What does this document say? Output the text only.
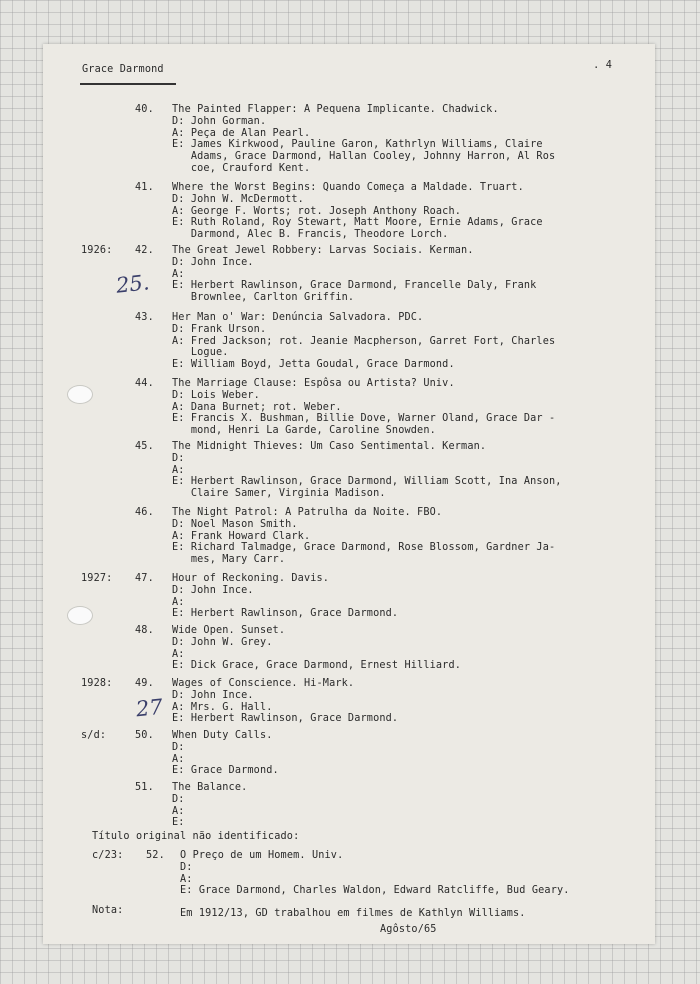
Grace Darmond	. 4

40. The Painted Flapper: A Pequena Implicante. Chadwick.

D: John Gorman.

A: Peça de Alan Pearl.

E: James Kirkwood, Pauline Garon, Kathrlyn Williams, Claire

Adams, Grace Darmond, Hallan Cooley, Johnny Harron, Al Ros

coe, Crauford Kent.

41. Where the Worst Begins: Quando Começa a Maldade. Truart.

D: John W. McDermott.

A: George F. Worts; rot. Joseph Anthony Roach.

E: Ruth Roland, Roy Stewart, Matt Moore, Ernie Adams, Grace

Darmond, Alec B. Francis, Theodore Lorch.

1926: 42. The Great Jewel Robbery: Larvas Sociais. Kerman.

D: John Ince.

A:

E: Herbert Rawlinson, Grace Darmond, Francelle Daly, Frank

Brownlee, Carlton Griffin.

43. Her Man o' War: Denúncia Salvadora. PDC.

D: Frank Urson.

A: Fred Jackson; rot. Jeanie Macpherson, Garret Fort, Charles

Logue.

E: William Boyd, Jetta Goudal, Grace Darmond.

44. The Marriage Clause: Espôsa ou Artista? Univ.

D: Lois Weber.

A: Dana Burnet; rot. Weber.

E: Francis X. Bushman, Billie Dove, Warner Oland, Grace Dar -

mond, Henri La Garde, Caroline Snowden.

45. The Midnight Thieves: Um Caso Sentimental. Kerman.

D:

A:

E: Herbert Rawlinson, Grace Darmond, William Scott, Ina Anson,

Claire Samer, Virginia Madison.

46. The Night Patrol: A Patrulha da Noite. FBO.

D: Noel Mason Smith.

A: Frank Howard Clark.

E: Richard Talmadge, Grace Darmond, Rose Blossom, Gardner Ja-

mes, Mary Carr.

1927: 47. Hour of Reckoning. Davis.

D: John Ince.

A:

E: Herbert Rawlinson, Grace Darmond.

48. Wide Open. Sunset.

D: John W. Grey.

A:

E: Dick Grace, Grace Darmond, Ernest Hilliard.

1928: 49. Wages of Conscience. Hi-Mark.

D: John Ince.

A: Mrs. G. Hall.

E: Herbert Rawlinson, Grace Darmond.

s/d:	50. When Duty Calls.

D:

A:

E: Grace Darmond.

51. The Balance.

D:

A:

E:

Título original não identificado:

c/23: 52. O Preço de um Homem. Univ.

D:

A:

E: Grace Darmond, Charles Waldon, Edward Ratcliffe, Bud Geary.

Nota:	Em 1912/13, GD trabalhou em filmes de Kathlyn Williams.

Agôsto/65

25.
27
